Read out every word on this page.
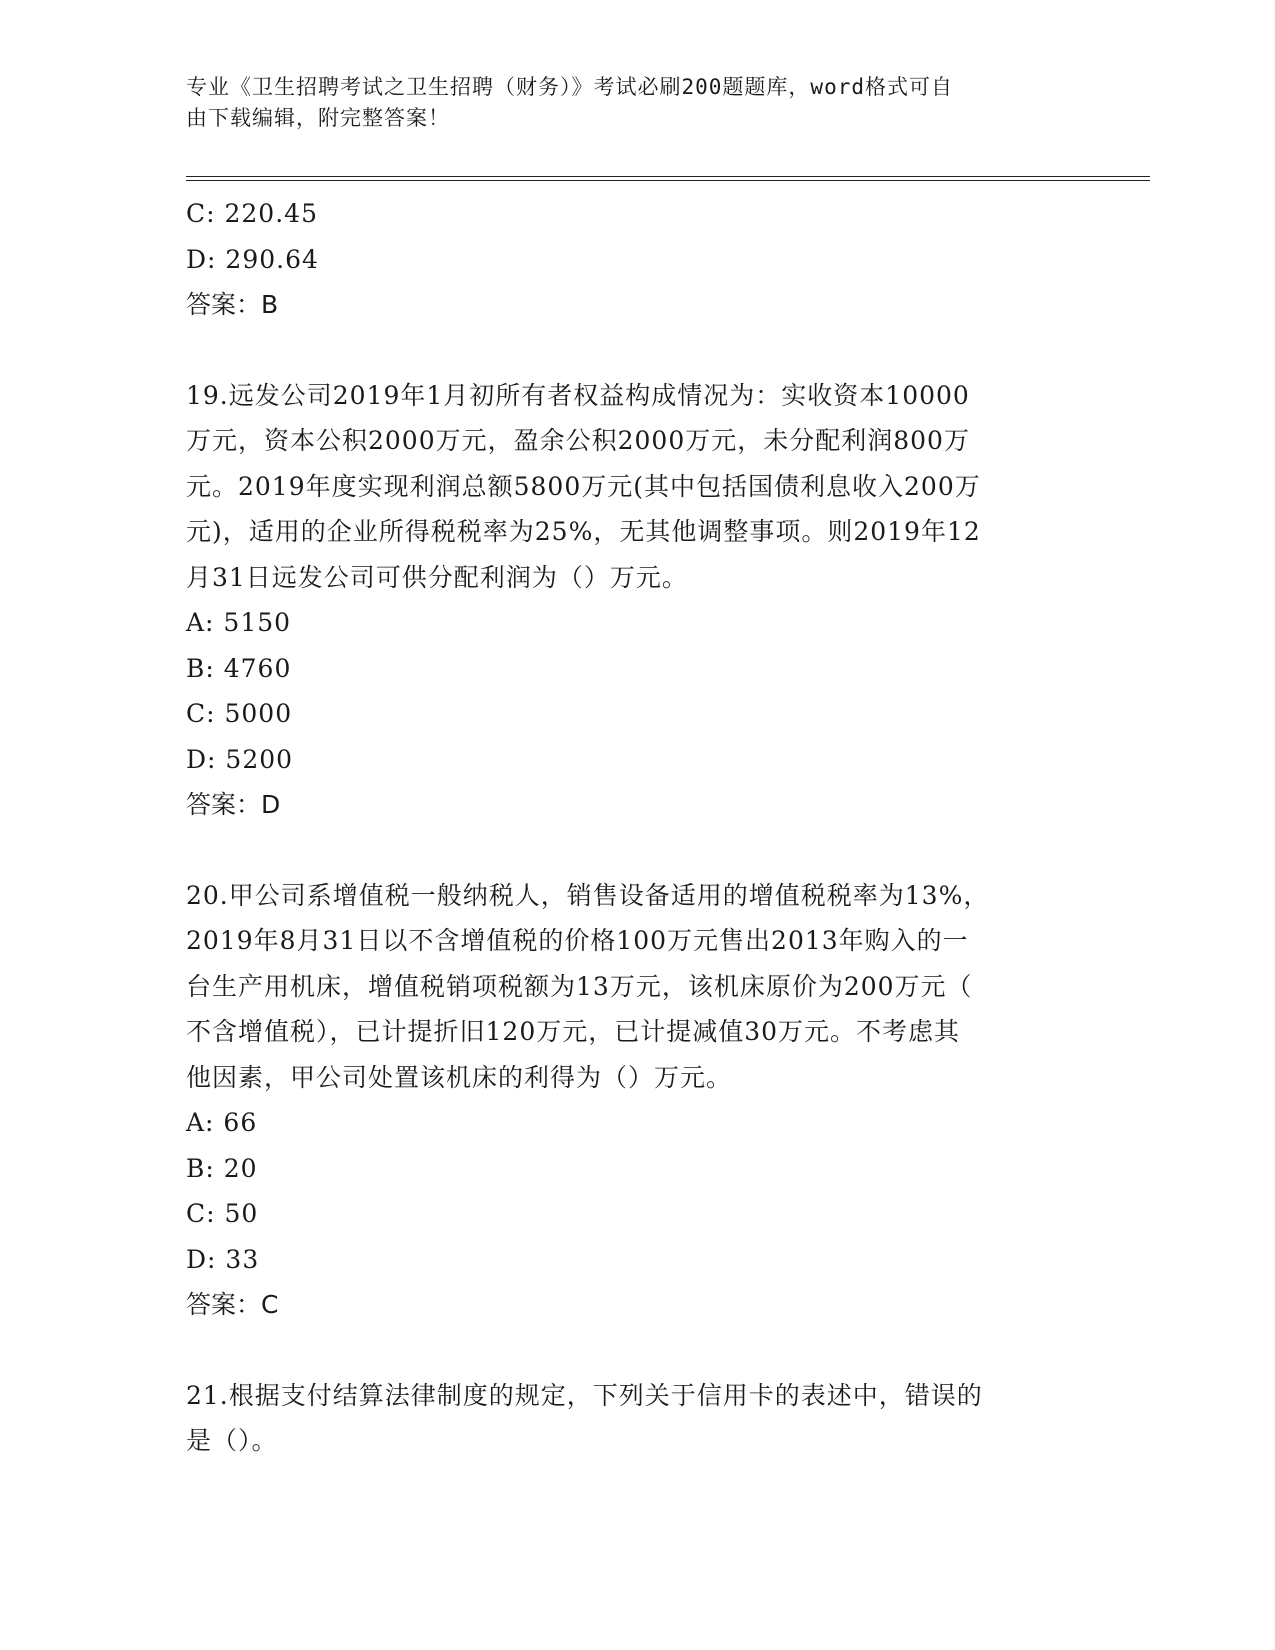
专业《卫生招聘考试之卫生招聘（财务）》考试必刷200题题库，word格式可自
由下载编辑，附完整答案！
C: 220.45
D: 290.64
答案：B
19.远发公司2019年1月初所有者权益构成情况为：实收资本10000
万元，资本公积2000万元，盈余公积2000万元，未分配利润800万
元。2019年度实现利润总额5800万元(其中包括国债利息收入200万
元)，适用的企业所得税税率为25%，无其他调整事项。则2019年12
月31日远发公司可供分配利润为（）万元。
A: 5150
B: 4760
C: 5000
D: 5200
答案：D
20.甲公司系增值税一般纳税人，销售设备适用的增值税税率为13%，
2019年8月31日以不含增值税的价格100万元售出2013年购入的一
台生产用机床，增值税销项税额为13万元，该机床原价为200万元（
不含增值税），已计提折旧120万元，已计提减值30万元。不考虑其
他因素，甲公司处置该机床的利得为（）万元。
A: 66
B: 20
C: 50
D: 33
答案：C
21.根据支付结算法律制度的规定，下列关于信用卡的表述中，错误的
是（）。
